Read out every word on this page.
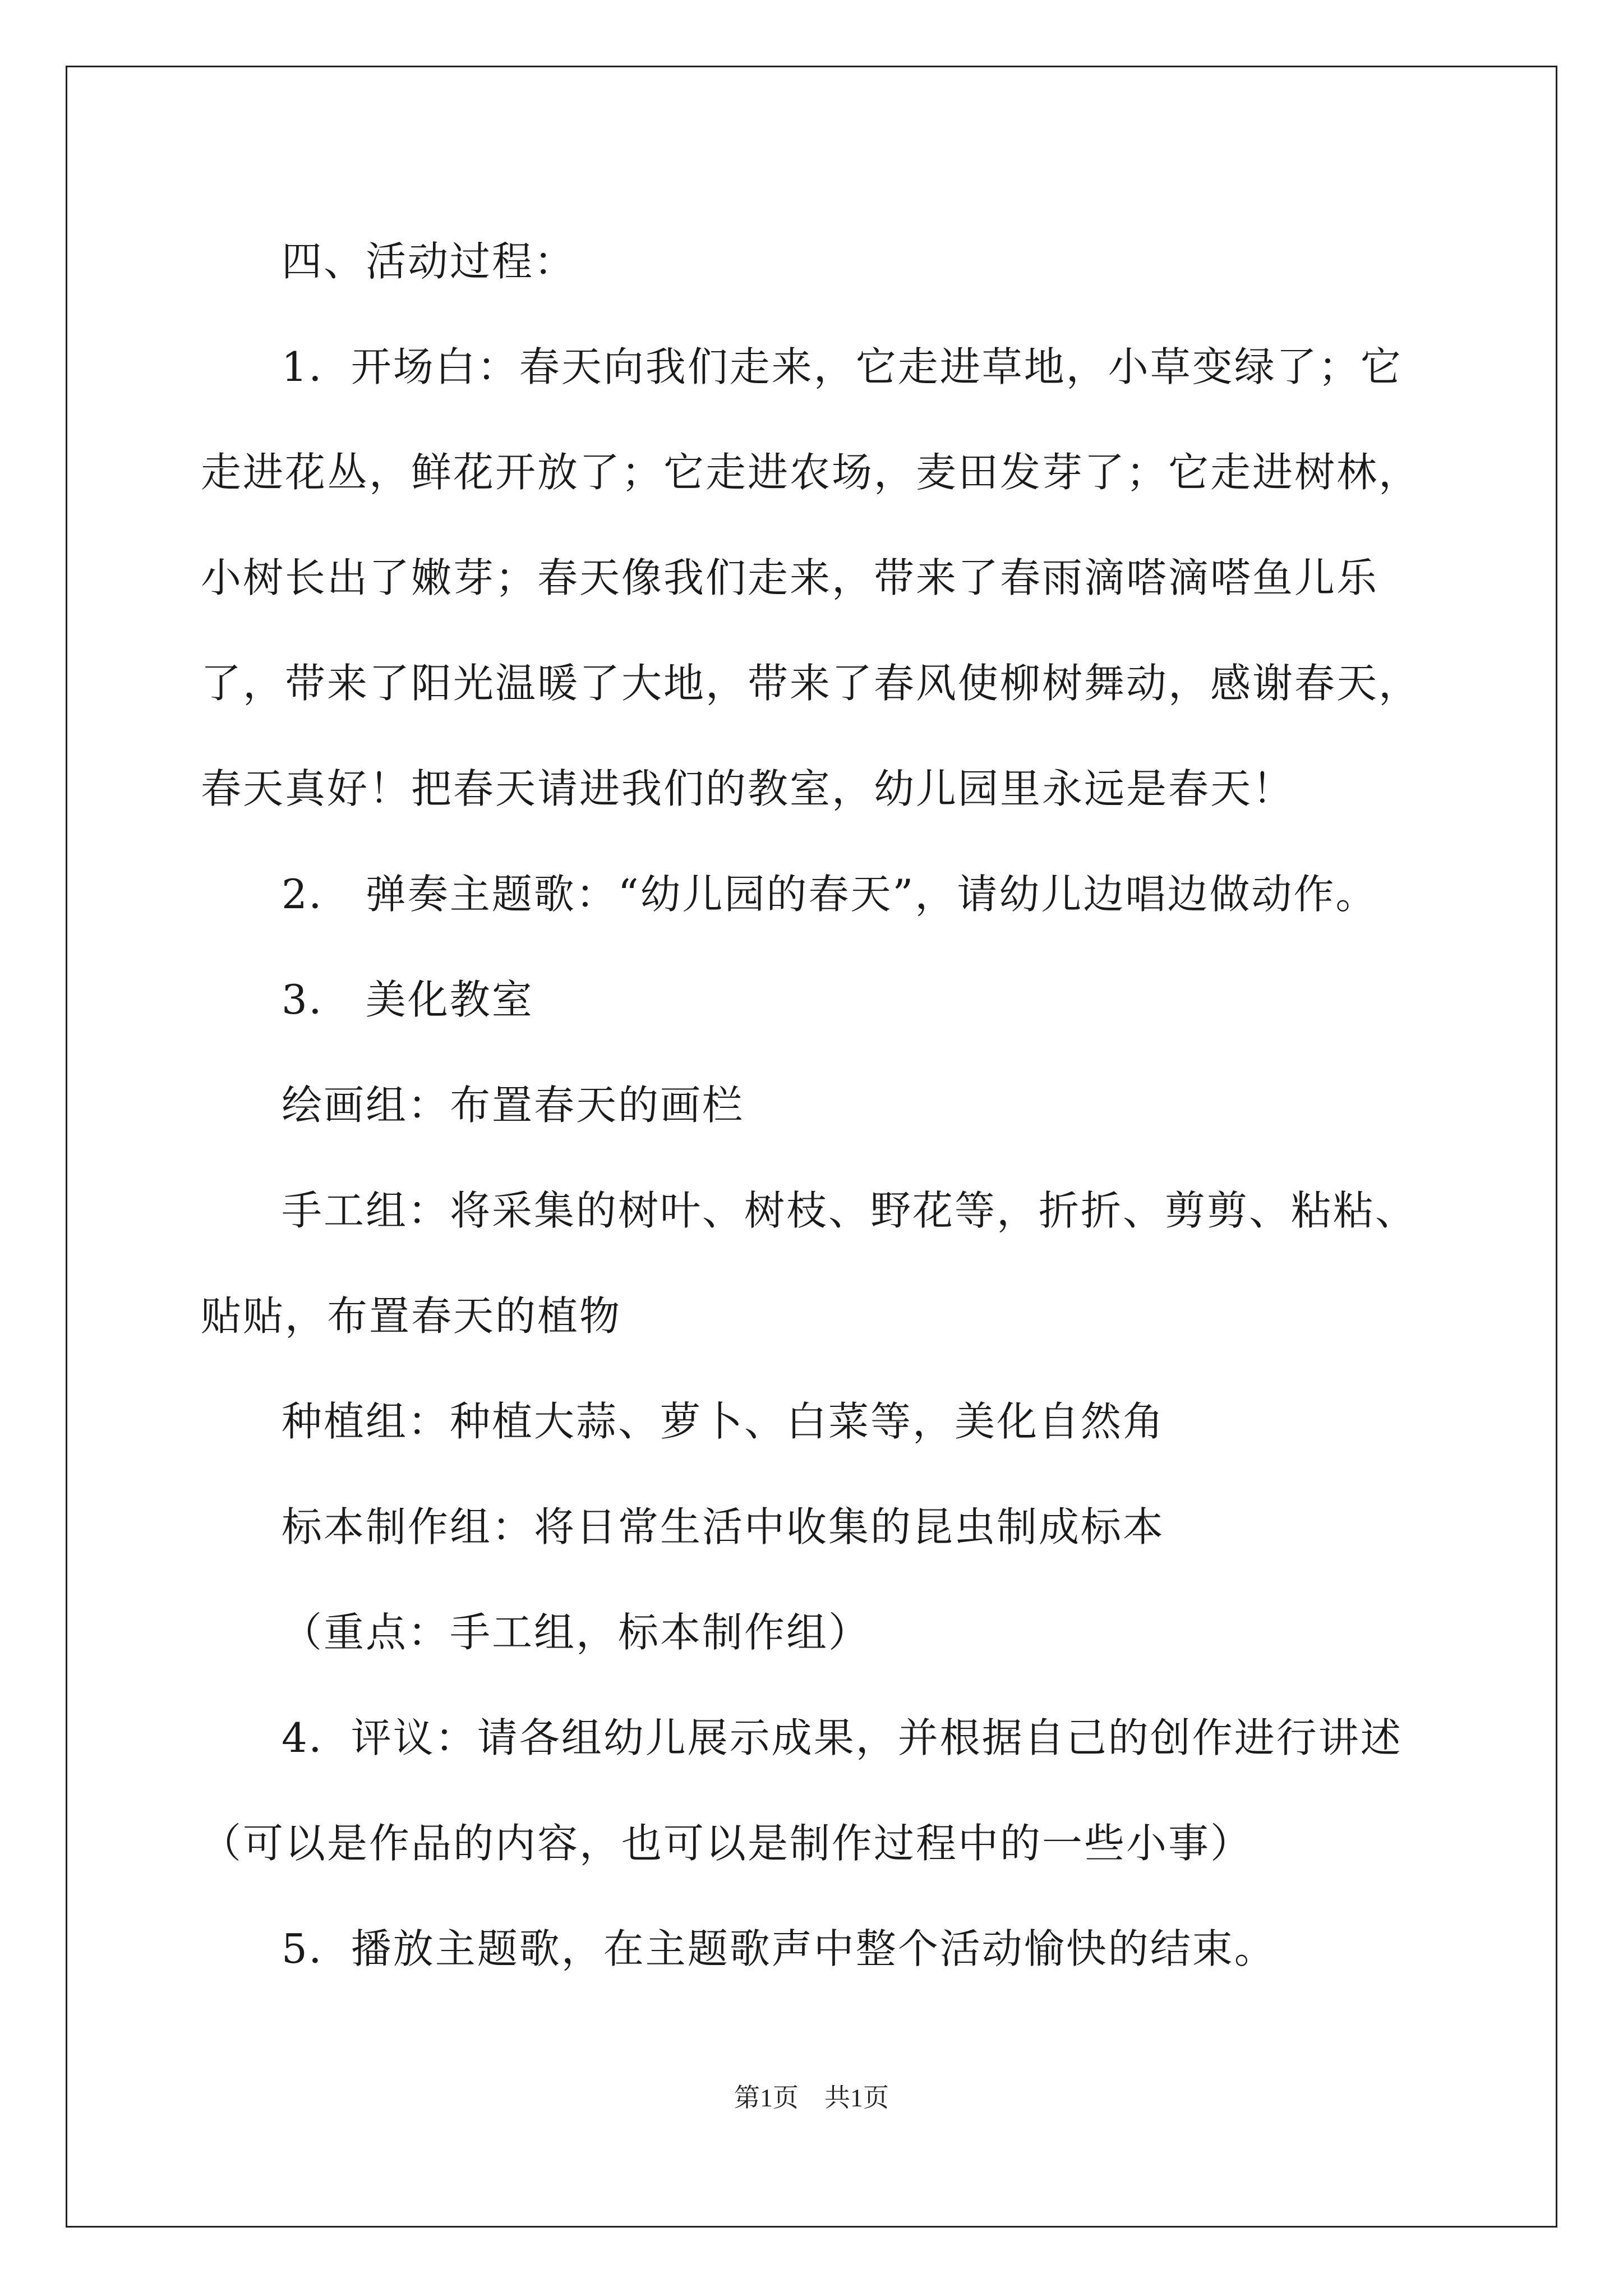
四、活动过程：

1．开场白：春天向我们走来，它走进草地，小草变绿了；它走进花丛，鲜花开放了；它走进农场，麦田发芽了；它走进树林，小树长出了嫩芽；春天像我们走来，带来了春雨滴嗒滴嗒鱼儿乐了，带来了阳光温暖了大地，带来了春风使柳树舞动，感谢春天，春天真好！把春天请进我们的教室，幼儿园里永远是春天！

2． 弹奏主题歌：“幼儿园的春天”，请幼儿边唱边做动作。

3． 美化教室

绘画组：布置春天的画栏

手工组：将采集的树叶、树枝、野花等，折折、剪剪、粘粘、贴贴，布置春天的植物

种植组：种植大蒜、萝卜、白菜等，美化自然角

标本制作组：将日常生活中收集的昆虫制成标本

（重点：手工组，标本制作组）

4．评议：请各组幼儿展示成果，并根据自己的创作进行讲述（可以是作品的内容，也可以是制作过程中的一些小事）

5．播放主题歌，在主题歌声中整个活动愉快的结束。

第1页　共1页
